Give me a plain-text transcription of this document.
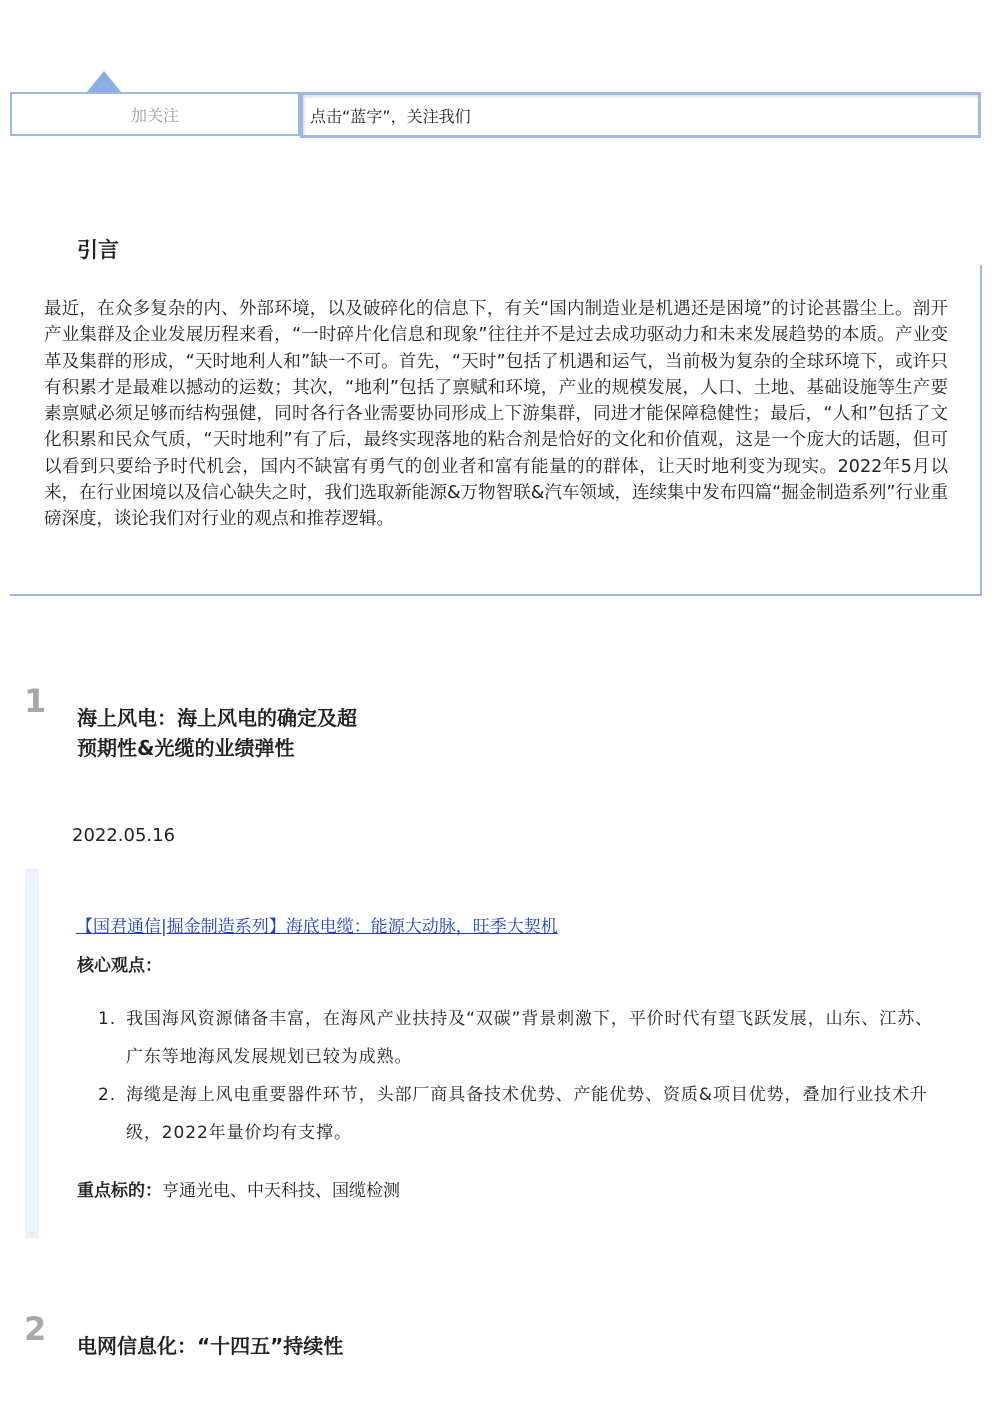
加关注	点击“蓝字”，关注我们
引言

最近，在众多复杂的内、外部环境，以及破碎化的信息下，有关“国内制造业是机遇还是困境”的讨论甚嚣尘上。剖开产业集群及企业发展历程来看，“一时碎片化信息和现象”往往并不是过去成功驱动力和未来发展趋势的本质。产业变革及集群的形成，“天时地利人和”缺一不可。首先，“天时”包括了机遇和运气，当前极为复杂的全球环境下，或许只有积累才是最难以撼动的运数；其次，“地利”包括了禀赋和环境，产业的规模发展，人口、土地、基础设施等生产要素禀赋必须足够而结构强健，同时各行各业需要协同形成上下游集群，同进才能保障稳健性；最后，“人和”包括了文化积累和民众气质，“天时地利”有了后，最终实现落地的粘合剂是恰好的文化和价值观，这是一个庞大的话题，但可以看到只要给予时代机会，国内不缺富有勇气的创业者和富有能量的的群体，让天时地利变为现实。2022年5月以来，在行业困境以及信心缺失之时，我们选取新能源&万物智联&汽车领域，连续集中发布四篇“掘金制造系列”行业重磅深度，谈论我们对行业的观点和推荐逻辑。

1 海上风电：海上风电的确定及超
预期性&光缆的业绩弹性
2022.05.16
【国君通信|掘金制造系列】海底电缆：能源大动脉，旺季大契机
核心观点：
1. 我国海风资源储备丰富，在海风产业扶持及“双碳”背景刺激下，平价时代有望飞跃发展，山东、江苏、广东等地海风发展规划已较为成熟。
2. 海缆是海上风电重要器件环节，头部厂商具备技术优势、产能优势、资质&项目优势，叠加行业技术升级，2022年量价均有支撑。
重点标的：亨通光电、中天科技、国缆检测
2 电网信息化：“十四五”持续性
